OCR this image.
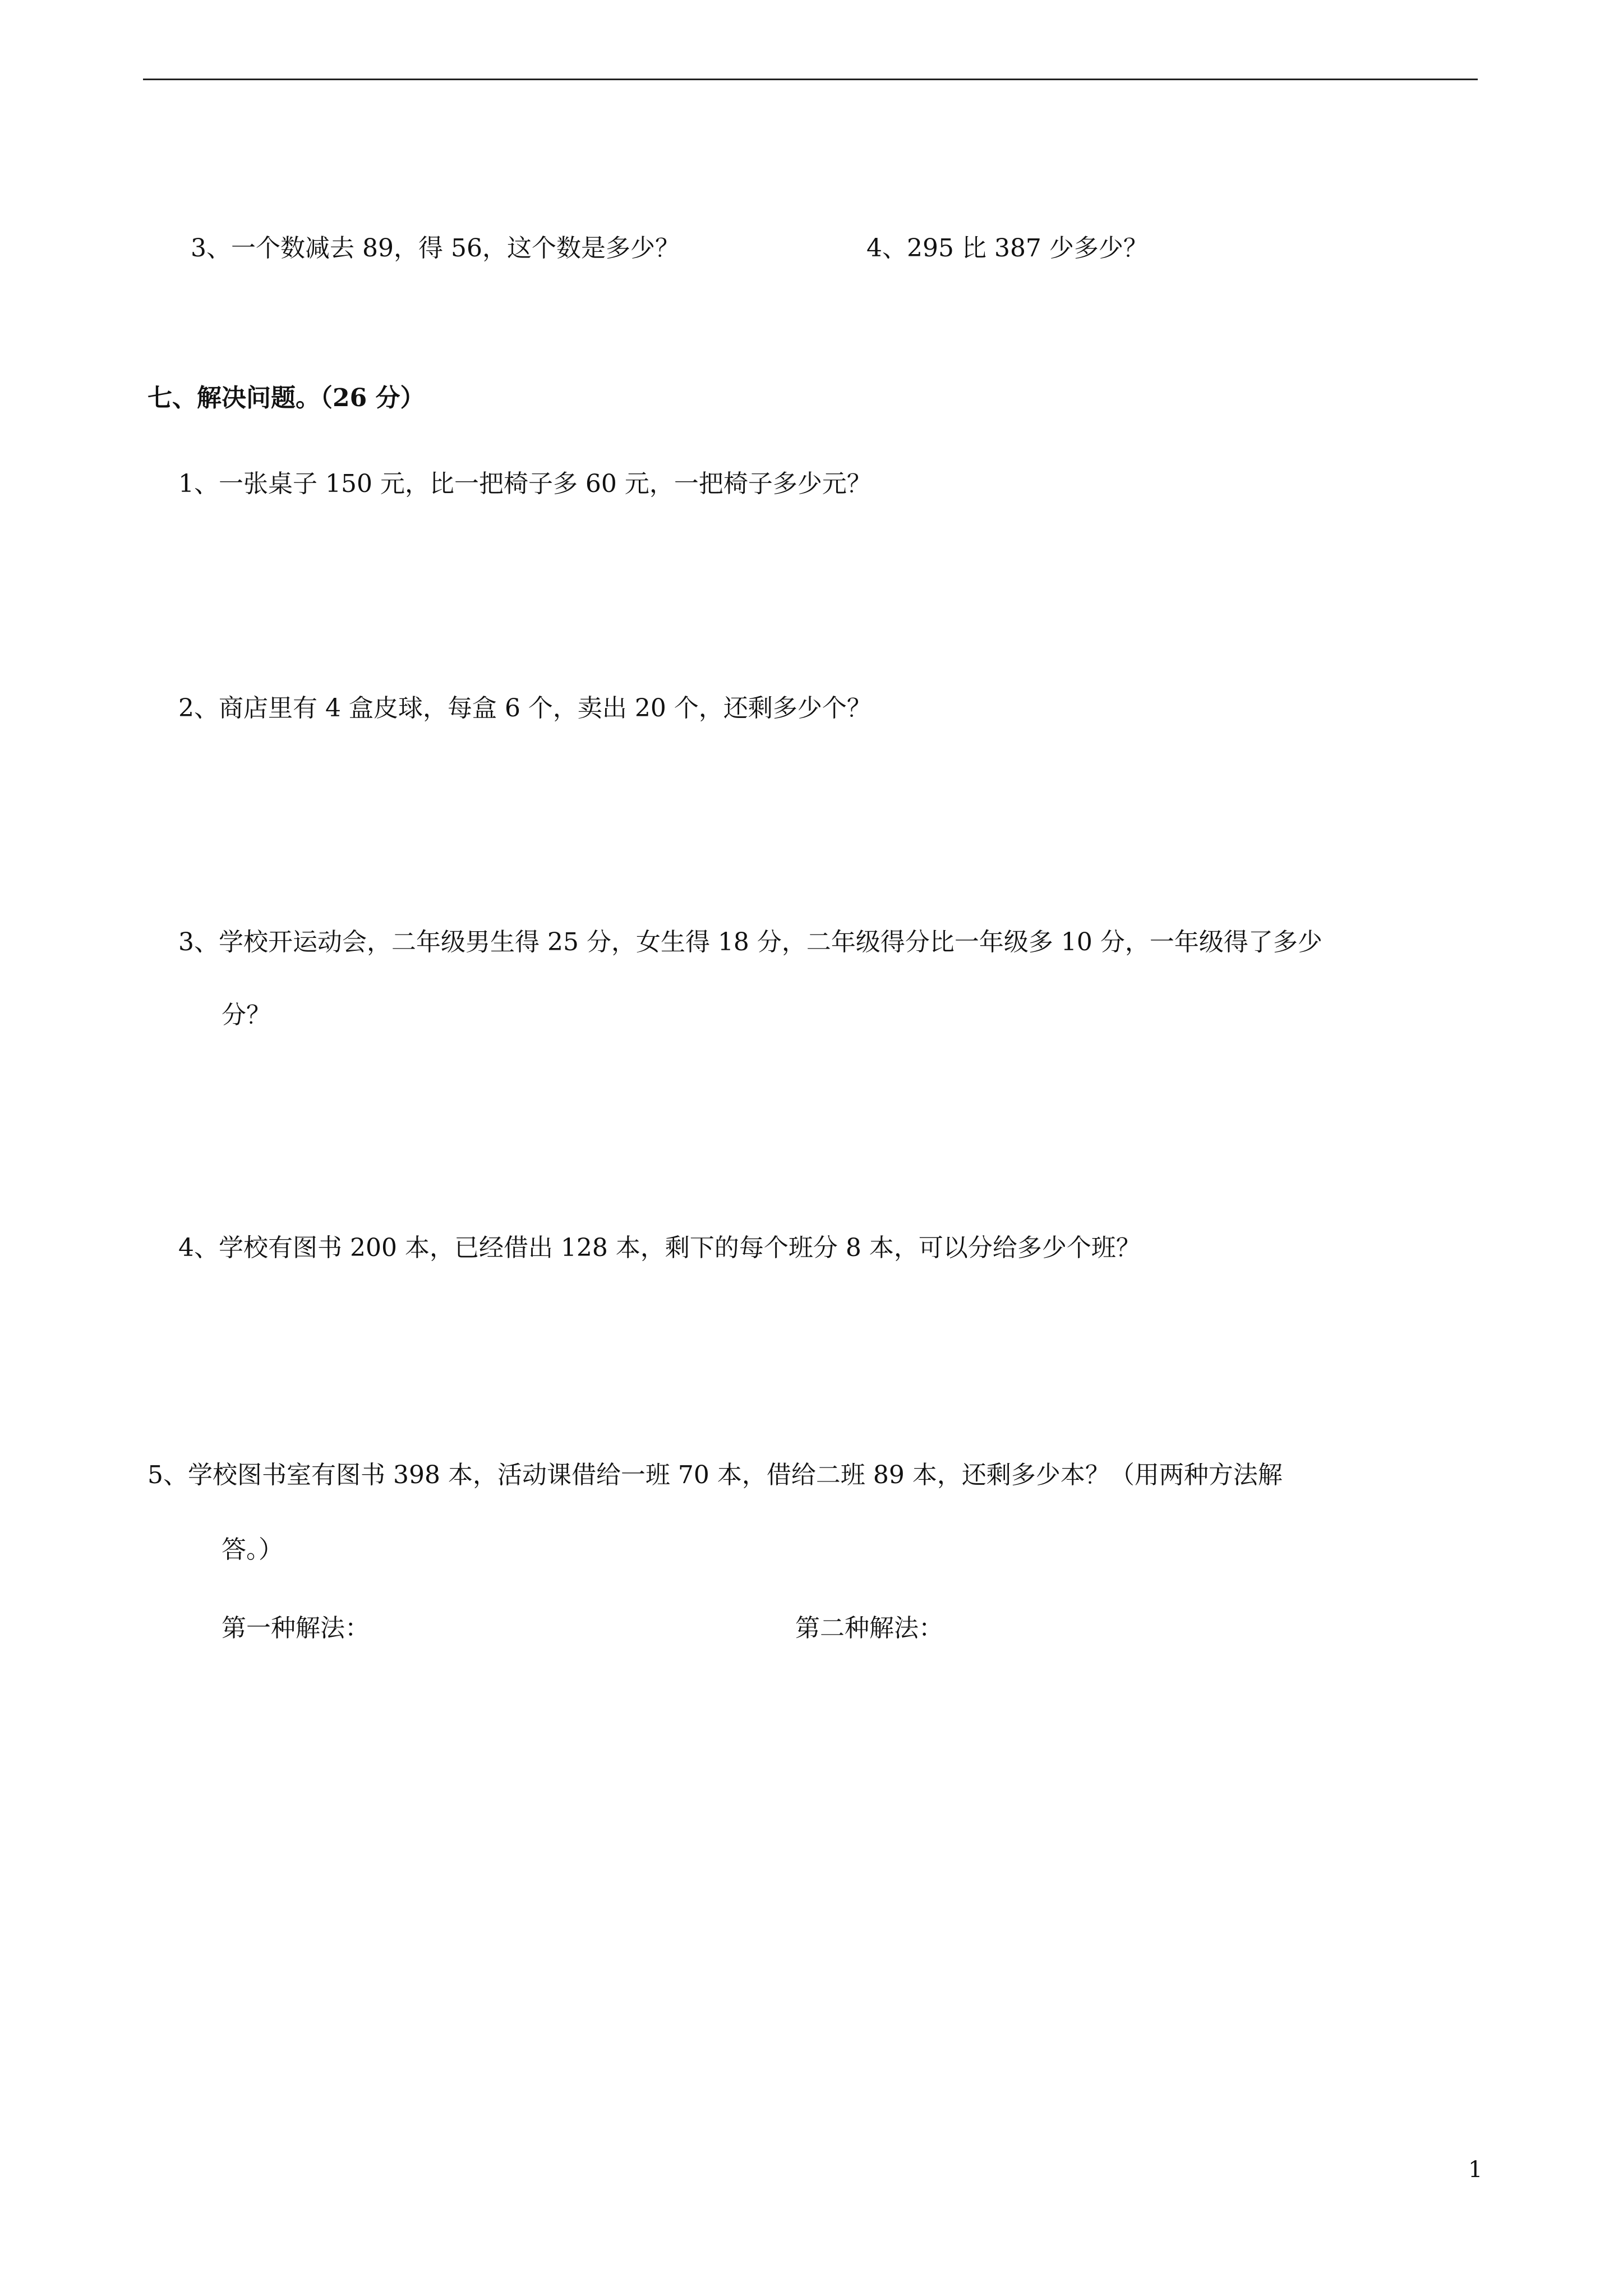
3、一个数减去 89，得 56，这个数是多少？	4、295 比 387 少多少？
七、解决问题。（26 分）
1、一张桌子 150 元，比一把椅子多 60 元，一把椅子多少元？
2、商店里有 4 盒皮球，每盒 6 个，卖出 20 个，还剩多少个？
3、学校开运动会，二年级男生得 25 分，女生得 18 分，二年级得分比一年级多 10 分，一年级得了多少
分？
4、学校有图书 200 本，已经借出 128 本，剩下的每个班分 8 本，可以分给多少个班？
5、学校图书室有图书 398 本，活动课借给一班 70 本，借给二班 89 本，还剩多少本？（用两种方法解
答。）
第一种解法：	第二种解法：
1
